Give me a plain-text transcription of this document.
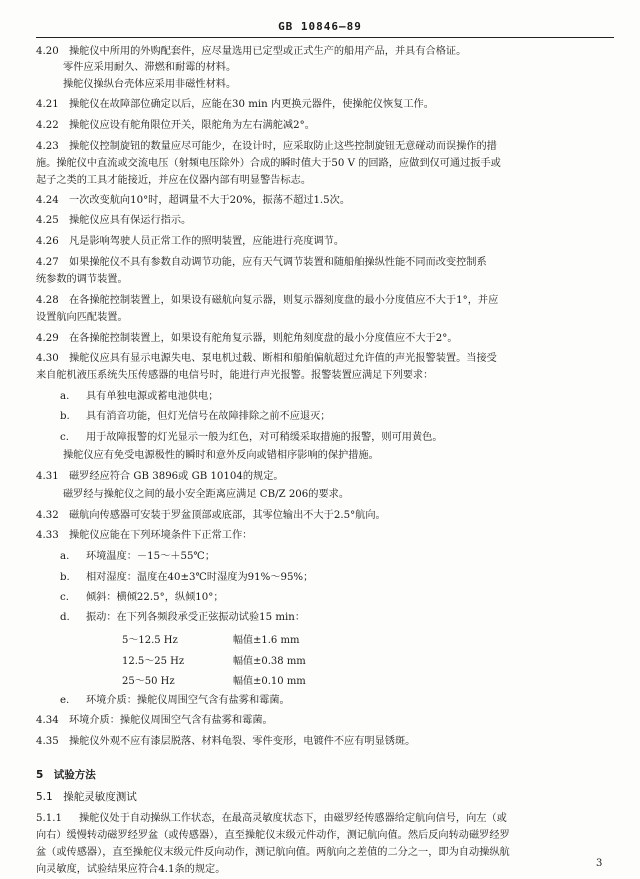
GB 10846—89
4.20 操舵仪中所用的外购配套件，应尽量选用已定型或正式生产的船用产品，并具有合格证。
零件应采用耐久、滞燃和耐霉的材料。
操舵仪操纵台壳体应采用非磁性材料。
4.21 操舵仪在故障部位确定以后，应能在30 min 内更换元器件，使操舵仪恢复工作。
4.22 操舵仪应设有舵角限位开关，限舵角为左右满舵减2°。
4.23 操舵仪控制旋钮的数量应尽可能少，在设计时，应采取防止这些控制旋钮无意碰动而误操作的措
施。操舵仪中直流或交流电压（射频电压除外）合成的瞬时值大于50 V 的回路，应做到仅可通过扳手或
起子之类的工具才能接近，并应在仪器内部有明显警告标志。
4.24 一次改变航向10°时，超调量不大于20%，振荡不超过1.5次。
4.25 操舵仪应具有保运行指示。
4.26 凡是影响驾驶人员正常工作的照明装置，应能进行亮度调节。
4.27 如果操舵仪不具有参数自动调节功能，应有天气调节装置和随船舶操纵性能不同而改变控制系
统参数的调节装置。
4.28 在各操舵控制装置上，如果设有磁航向复示器，则复示器刻度盘的最小分度值应不大于1°，并应
设置航向匹配装置。
4.29 在各操舵控制装置上，如果设有舵角复示器，则舵角刻度盘的最小分度值应不大于2°。
4.30 操舵仪应具有显示电源失电、泵电机过载、断相和船舶偏航超过允许值的声光报警装置。当接受
来自舵机液压系统失压传感器的电信号时，能进行声光报警。报警装置应满足下列要求：
a. 具有单独电源或蓄电池供电；
b. 具有消音功能，但灯光信号在故障排除之前不应退灭；
c. 用于故障报警的灯光显示一般为红色，对可稍缓采取措施的报警，则可用黄色。
操舵仪应有免受电源极性的瞬时和意外反向或错相序影响的保护措施。
4.31 磁罗经应符合 GB 3896或 GB 10104的规定。
磁罗经与操舵仪之间的最小安全距离应满足 CB/Z 206的要求。
4.32 磁航向传感器可安装于罗盆顶部或底部，其零位输出不大于2.5°航向。
4.33 操舵仪应能在下列环境条件下正常工作：
a. 环境温度：－15～＋55℃；
b. 相对湿度：温度在40±3℃时湿度为91%～95%；
c. 倾斜：横倾22.5°，纵倾10°；
d. 振动：在下列各频段承受正弦振动试验15 min：
5～12.5 Hz	幅值±1.6 mm
12.5～25 Hz	幅值±0.38 mm
25～50 Hz	幅值±0.10 mm
e. 环境介质：操舵仪周围空气含有盐雾和霉菌。
4.34 环境介质：操舵仪周围空气含有盐雾和霉菌。
4.35 操舵仪外观不应有漆层脱落、材料龟裂、零件变形，电镀件不应有明显锈斑。
5　试验方法
5.1　操舵灵敏度测试
5.1.1 操舵仪处于自动操纵工作状态，在最高灵敏度状态下，由磁罗经传感器给定航向信号，向左（或
向右）缓慢转动磁罗经罗盆（或传感器），直至操舵仪末级元件动作，测记航向值。然后反向转动磁罗经罗
盆（或传感器），直至操舵仪末级元件反向动作，测记航向值。两航向之差值的二分之一，即为自动操纵航
向灵敏度，试验结果应符合4.1条的规定。
3
